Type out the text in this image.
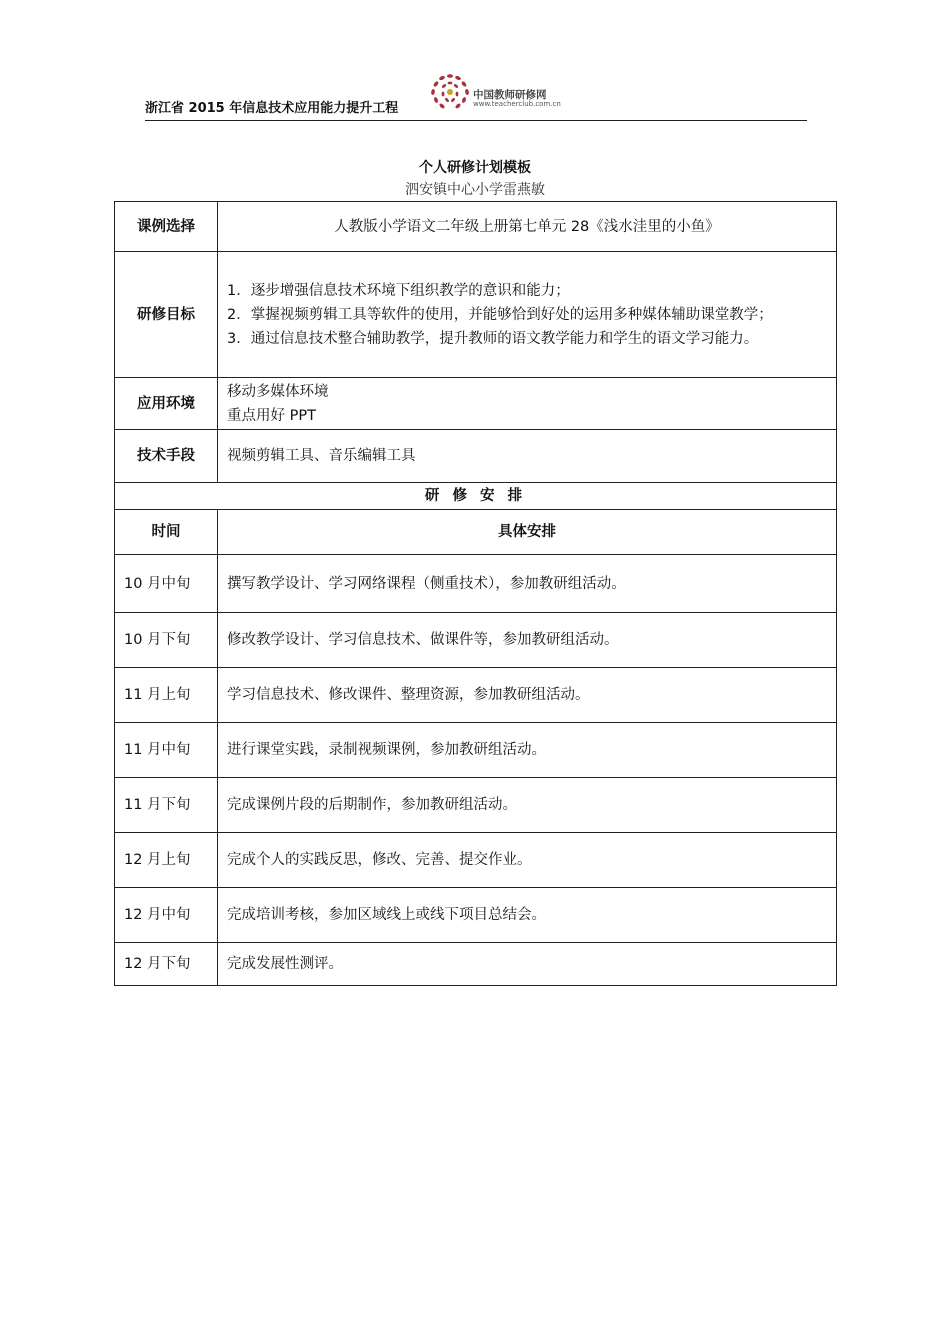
浙江省 2015 年信息技术应用能力提升工程
中国教师研修网
www.teacherclub.com.cn
个人研修计划模板
泗安镇中心小学雷燕敏
课例选择	人教版小学语文二年级上册第七单元 28《浅水洼里的小鱼》
研修目标	1．逐步增强信息技术环境下组织教学的意识和能力；
2．掌握视频剪辑工具等软件的使用，并能够恰到好处的运用多种媒体辅助课堂教学；
3．通过信息技术整合辅助教学，提升教师的语文教学能力和学生的语文学习能力。

应用环境	移动多媒体环境
重点用好 PPT

技术手段	视频剪辑工具、音乐编辑工具
研 修 安 排	
时间	具体安排
10 月中旬	撰写教学设计、学习网络课程（侧重技术），参加教研组活动。
10 月下旬	修改教学设计、学习信息技术、做课件等，参加教研组活动。
11 月上旬	学习信息技术、修改课件、整理资源，参加教研组活动。
11 月中旬	进行课堂实践，录制视频课例，参加教研组活动。
11 月下旬	完成课例片段的后期制作，参加教研组活动。
12 月上旬	完成个人的实践反思，修改、完善、提交作业。
12 月中旬	完成培训考核，参加区域线上或线下项目总结会。
12 月下旬	完成发展性测评。
